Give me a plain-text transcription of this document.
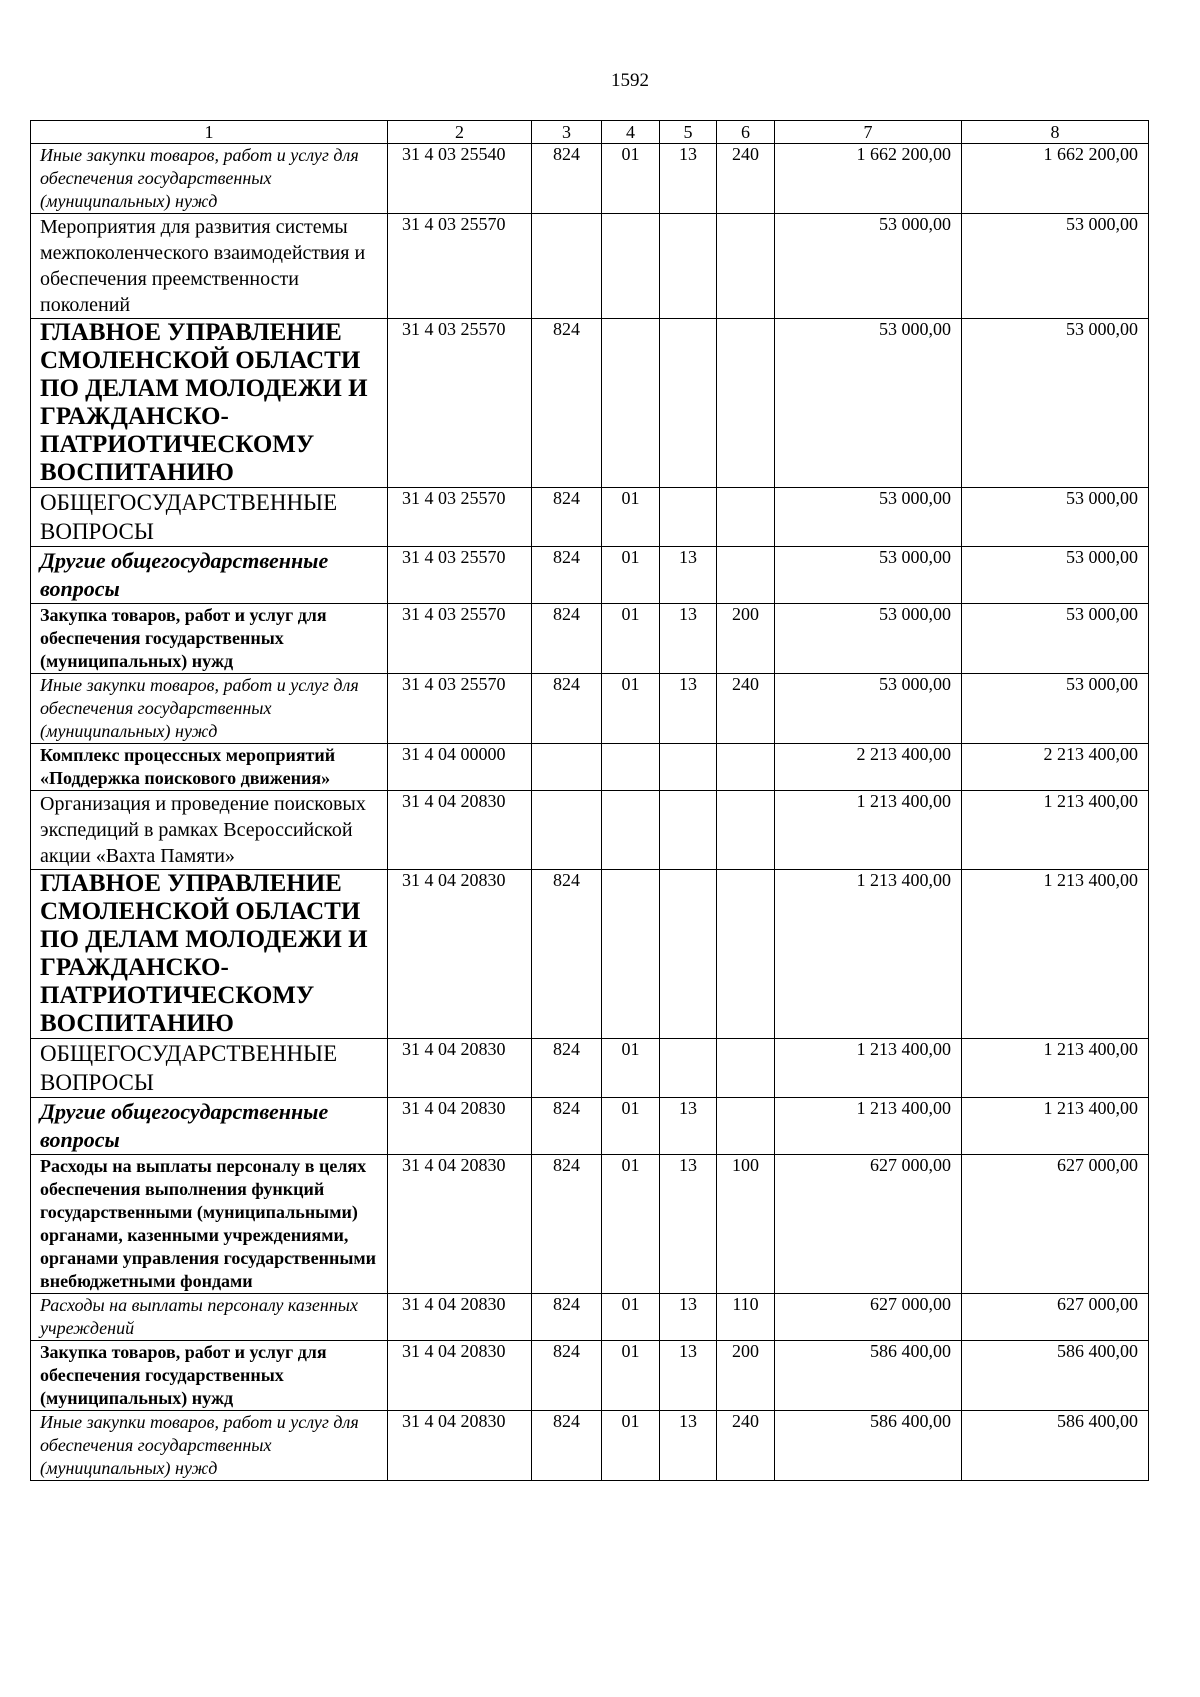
1592
1	2	3	4	5	6	7	8
Иные закупки товаров, работ и услуг для обеспечения государственных (муниципальных) нужд	31 4 03 25540	824	01	13	240	1 662 200,00	1 662 200,00
Мероприятия для развития системы межпоколенческого взаимодействия и обеспечения преемственности поколений	31 4 03 25570					53 000,00	53 000,00
ГЛАВНОЕ УПРАВЛЕНИЕ СМОЛЕНСКОЙ ОБЛАСТИ ПО ДЕЛАМ МОЛОДЕЖИ И ГРАЖДАНСКО-ПАТРИОТИЧЕСКОМУ ВОСПИТАНИЮ	31 4 03 25570	824				53 000,00	53 000,00
ОБЩЕГОСУДАРСТВЕННЫЕ ВОПРОСЫ	31 4 03 25570	824	01			53 000,00	53 000,00
Другие общегосударственные вопросы	31 4 03 25570	824	01	13		53 000,00	53 000,00
Закупка товаров, работ и услуг для обеспечения государственных (муниципальных) нужд	31 4 03 25570	824	01	13	200	53 000,00	53 000,00
Иные закупки товаров, работ и услуг для обеспечения государственных (муниципальных) нужд	31 4 03 25570	824	01	13	240	53 000,00	53 000,00
Комплекс процессных мероприятий «Поддержка поискового движения»	31 4 04 00000					2 213 400,00	2 213 400,00
Организация и проведение поисковых экспедиций в рамках Всероссийской акции «Вахта Памяти»	31 4 04 20830					1 213 400,00	1 213 400,00
ГЛАВНОЕ УПРАВЛЕНИЕ СМОЛЕНСКОЙ ОБЛАСТИ ПО ДЕЛАМ МОЛОДЕЖИ И ГРАЖДАНСКО-ПАТРИОТИЧЕСКОМУ ВОСПИТАНИЮ	31 4 04 20830	824				1 213 400,00	1 213 400,00
ОБЩЕГОСУДАРСТВЕННЫЕ ВОПРОСЫ	31 4 04 20830	824	01			1 213 400,00	1 213 400,00
Другие общегосударственные вопросы	31 4 04 20830	824	01	13		1 213 400,00	1 213 400,00
Расходы на выплаты персоналу в целях обеспечения выполнения функций государственными (муниципальными) органами, казенными учреждениями, органами управления государственными внебюджетными фондами	31 4 04 20830	824	01	13	100	627 000,00	627 000,00
Расходы на выплаты персоналу казенных учреждений	31 4 04 20830	824	01	13	110	627 000,00	627 000,00
Закупка товаров, работ и услуг для обеспечения государственных (муниципальных) нужд	31 4 04 20830	824	01	13	200	586 400,00	586 400,00
Иные закупки товаров, работ и услуг для обеспечения государственных (муниципальных) нужд	31 4 04 20830	824	01	13	240	586 400,00	586 400,00
